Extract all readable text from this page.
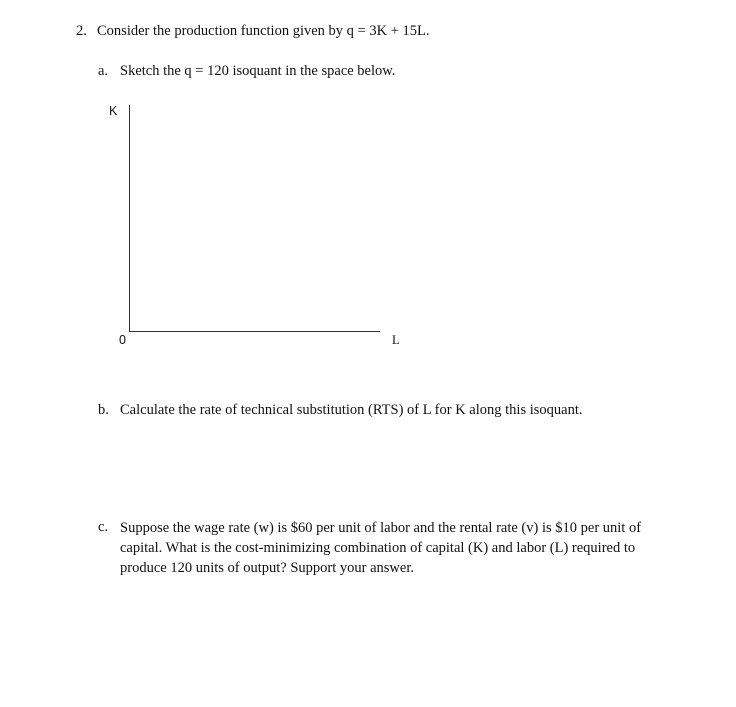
2. Consider the production function given by q = 3K + 15L.
a. Sketch the q = 120 isoquant in the space below.
K
0	L
b. Calculate the rate of technical substitution (RTS) of L for K along this isoquant.
c. Suppose the wage rate (w) is $60 per unit of labor and the rental rate (v) is $10 per unit of capital. What is the cost-minimizing combination of capital (K) and labor (L) required to produce 120 units of output? Support your answer.
